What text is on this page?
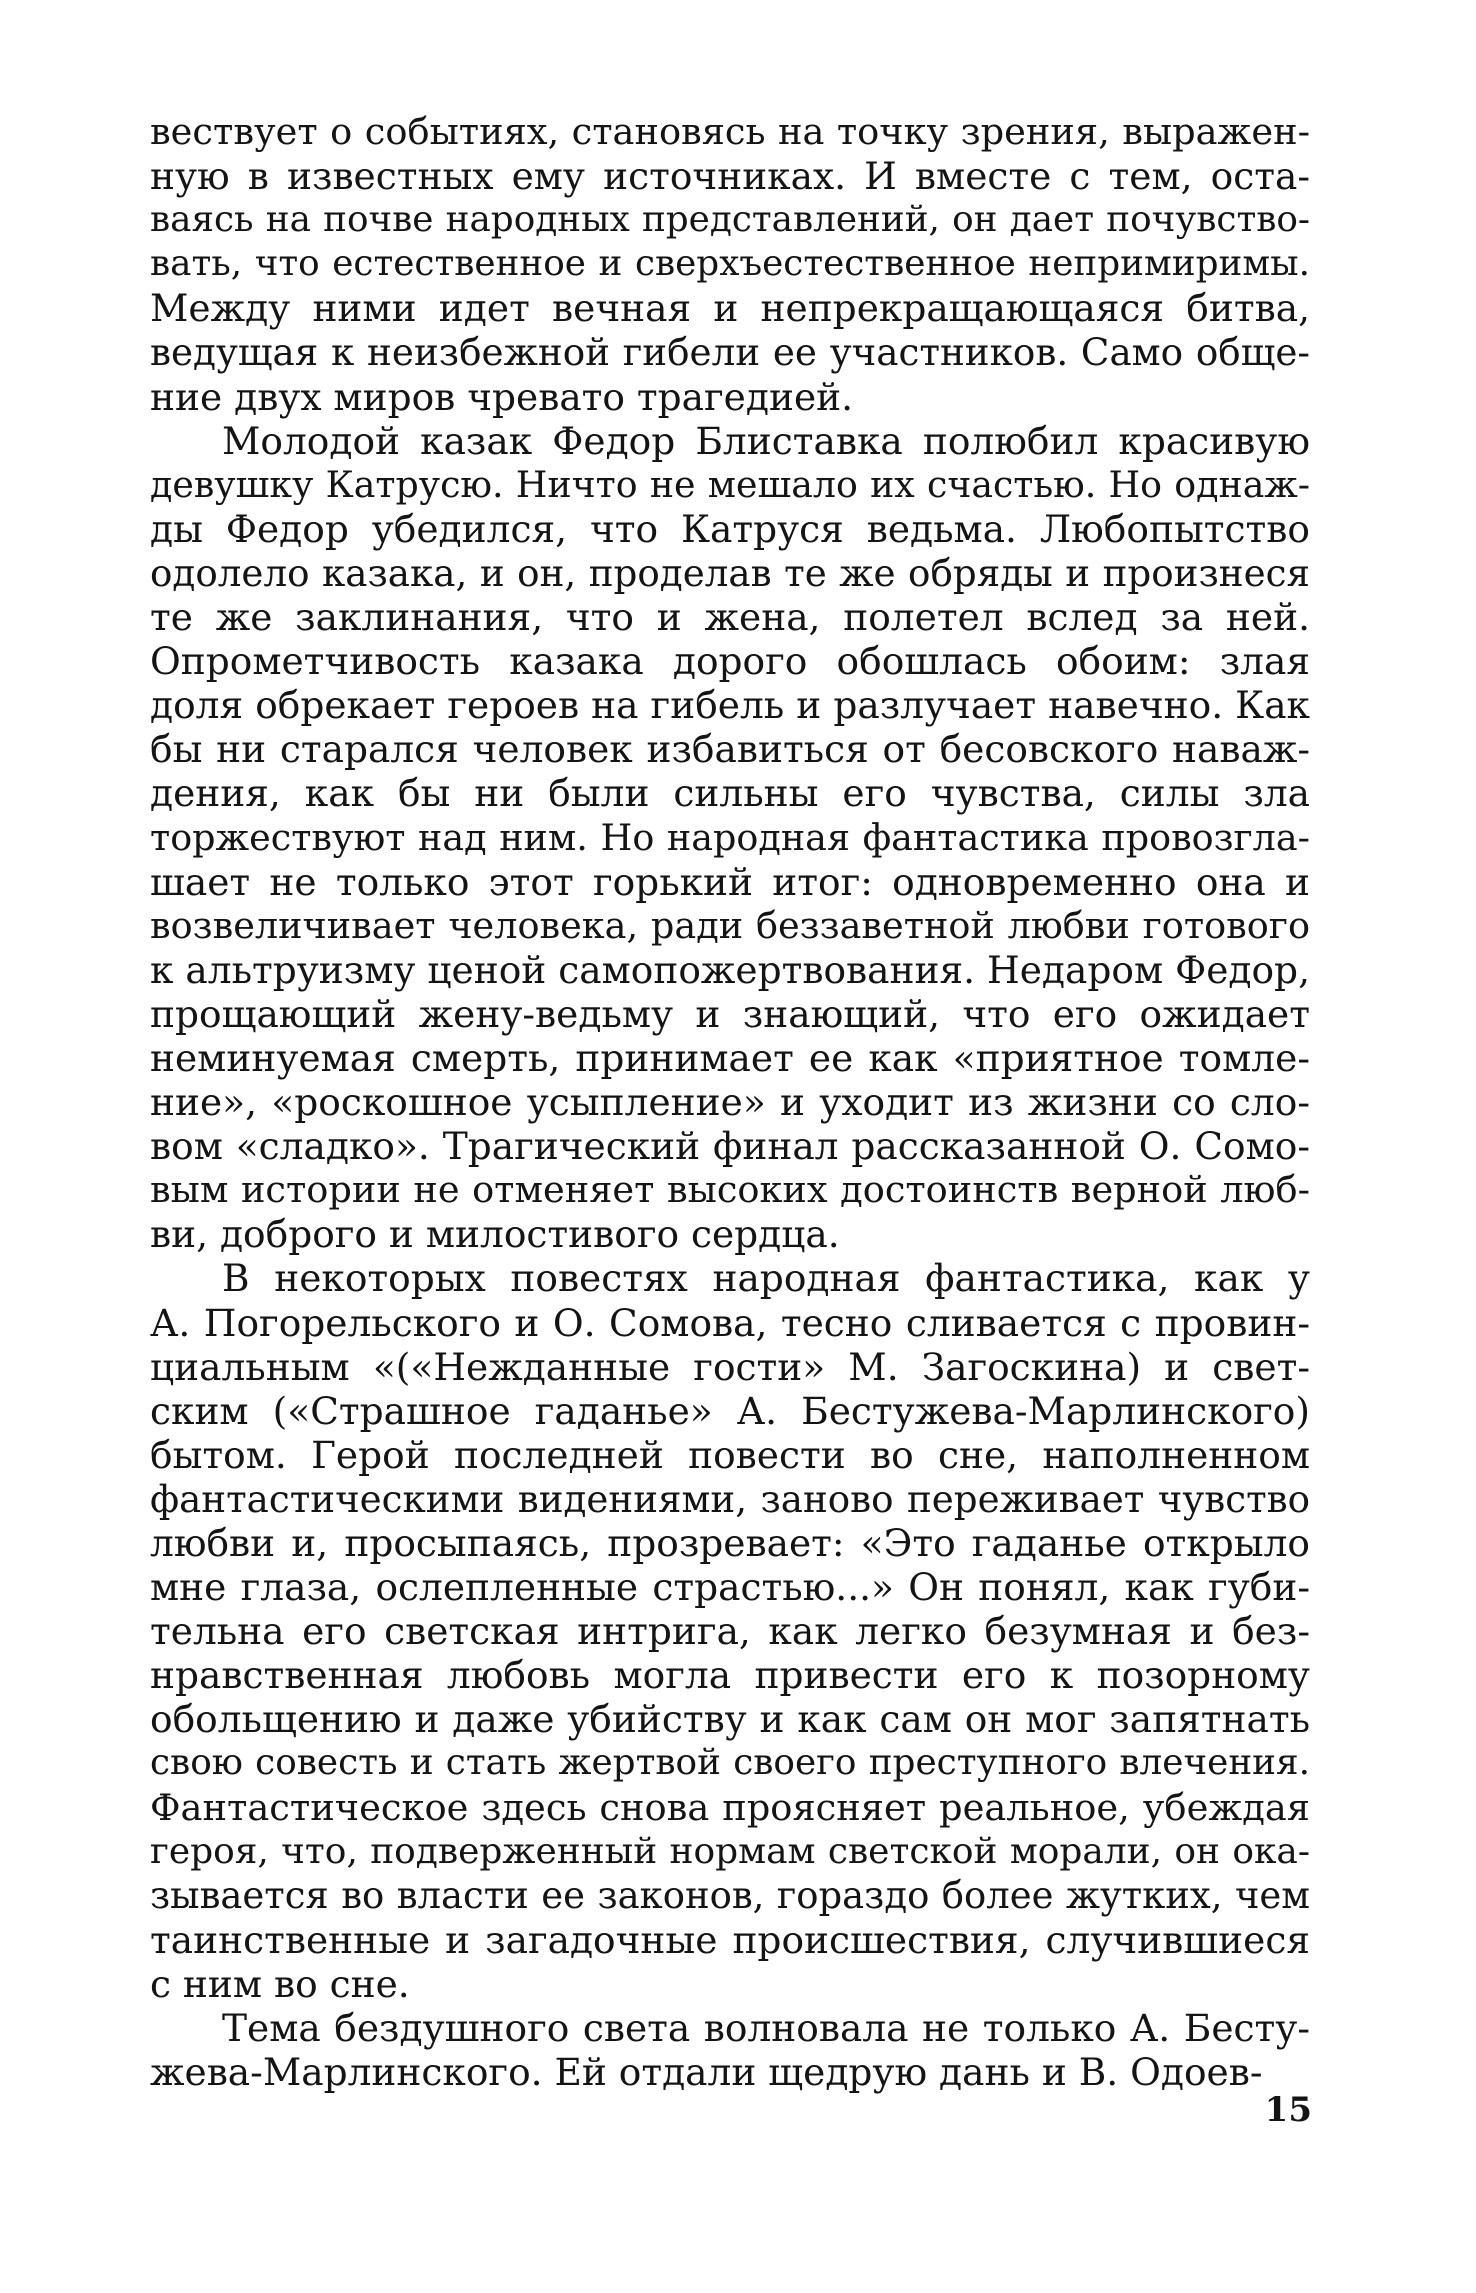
вествует о событиях, становясь на точку зрения, выражен-
ную в известных ему источниках. И вместе с тем, оста-
ваясь на почве народных представлений, он дает почувство-
вать, что естественное и сверхъестественное непримиримы.
Между ними идет вечная и непрекращающаяся битва,
ведущая к неизбежной гибели ее участников. Само обще-
ние двух миров чревато трагедией.
Молодой казак Федор Блиставка полюбил красивую
девушку Катрусю. Ничто не мешало их счастью. Но однаж-
ды Федор убедился, что Катруся ведьма. Любопытство
одолело казака, и он, проделав те же обряды и произнеся
те же заклинания, что и жена, полетел вслед за ней.
Опрометчивость казака дорого обошлась обоим: злая
доля обрекает героев на гибель и разлучает навечно. Как
бы ни старался человек избавиться от бесовского наваж-
дения, как бы ни были сильны его чувства, силы зла
торжествуют над ним. Но народная фантастика провозгла-
шает не только этот горький итог: одновременно она и
возвеличивает человека, ради беззаветной любви готового
к альтруизму ценой самопожертвования. Недаром Федор,
прощающий жену-ведьму и знающий, что его ожидает
неминуемая смерть, принимает ее как «приятное томле-
ние», «роскошное усыпление» и уходит из жизни со сло-
вом «сладко». Трагический финал рассказанной О. Сомо-
вым истории не отменяет высоких достоинств верной люб-
ви, доброго и милостивого сердца.
В некоторых повестях народная фантастика, как у
А. Погорельского и О. Сомова, тесно сливается с провин-
циальным «(«Нежданные гости» М. Загоскина) и свет-
ским («Страшное гаданье» А. Бестужева-Марлинского)
бытом. Герой последней повести во сне, наполненном
фантастическими видениями, заново переживает чувство
любви и, просыпаясь, прозревает: «Это гаданье открыло
мне глаза, ослепленные страстью...» Он понял, как губи-
тельна его светская интрига, как легко безумная и без-
нравственная любовь могла привести его к позорному
обольщению и даже убийству и как сам он мог запятнать
свою совесть и стать жертвой своего преступного влечения.
Фантастическое здесь снова проясняет реальное, убеждая
героя, что, подверженный нормам светской морали, он ока-
зывается во власти ее законов, гораздо более жутких, чем
таинственные и загадочные происшествия, случившиеся
с ним во сне.
Тема бездушного света волновала не только А. Бесту-
жева-Марлинского. Ей отдали щедрую дань и В. Одоев-
15
